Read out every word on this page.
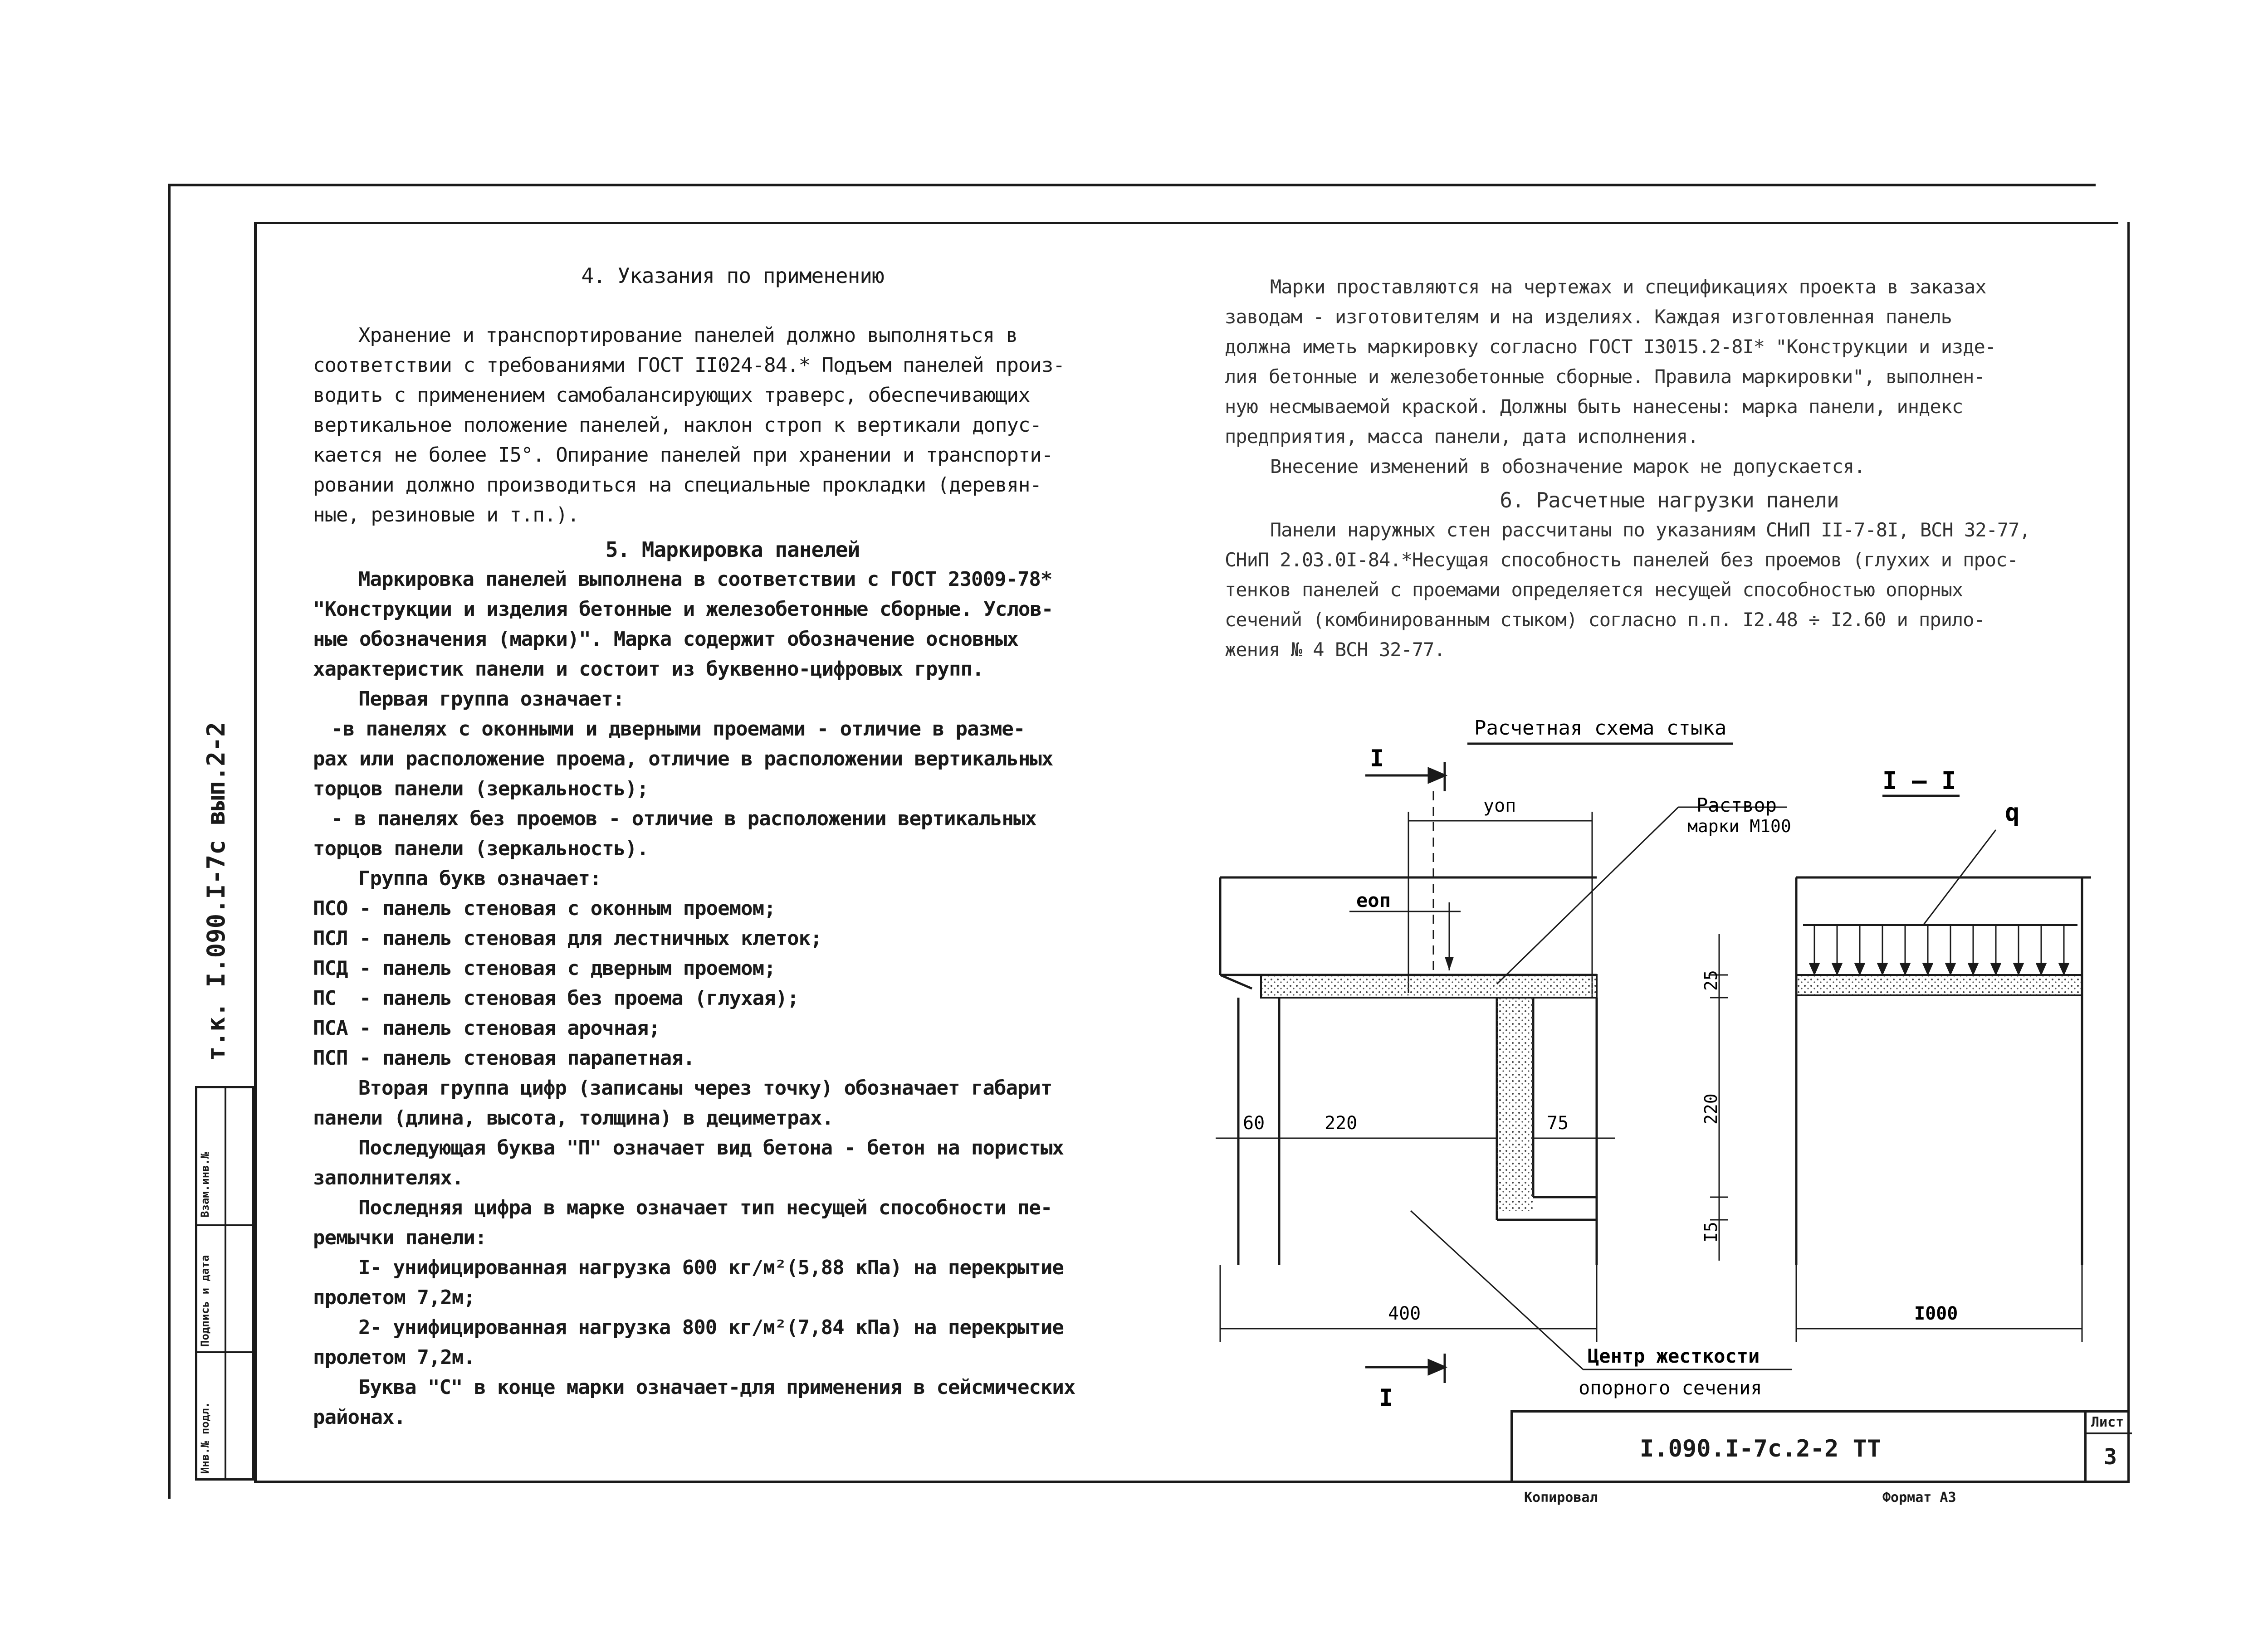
т.к. I.090.I-7с вып.2-2
Инв.№ подл.
Подпись и дата
Взам.инв.№
4. Указания по применению
Хранение и транспортирование панелей должно выполняться в
соответствии с требованиями ГОСТ II024-84.* Подъем панелей произ-
водить с применением самобалансирующих траверс, обеспечивающих
вертикальное положение панелей, наклон строп к вертикали допус-
кается не более I5°. Опирание панелей при хранении и транспорти-
ровании должно производиться на специальные прокладки (деревян-
ные, резиновые и т.п.).
5. Маркировка панелей
Маркировка панелей выполнена в соответствии с ГОСТ 23009-78*
"Конструкции и изделия бетонные и железобетонные сборные. Услов-
ные обозначения (марки)". Марка содержит обозначение основных
характеристик панели и состоит из буквенно-цифровых групп.
Первая группа означает:
-в панелях с оконными и дверными проемами - отличие в разме-
рах или расположение проема, отличие в расположении вертикальных
торцов панели (зеркальность);
- в панелях без проемов - отличие в расположении вертикальных
торцов панели (зеркальность).
Группа букв означает:
ПСО - панель стеновая с оконным проемом;
ПСЛ - панель стеновая для лестничных клеток;
ПСД - панель стеновая с дверным проемом;
ПС  - панель стеновая без проема (глухая);
ПСА - панель стеновая арочная;
ПСП - панель стеновая парапетная.
Вторая группа цифр (записаны через точку) обозначает габарит
панели (длина, высота, толщина) в дециметрах.
Последующая буква "П" означает вид бетона - бетон на пористых
заполнителях.
Последняя цифра в марке означает тип несущей способности пе-
ремычки панели:
I- унифицированная нагрузка 600 кг/м²(5,88 кПа) на перекрытие
пролетом 7,2м;
2- унифицированная нагрузка 800 кг/м²(7,84 кПа) на перекрытие
пролетом 7,2м.
Буква "С" в конце марки означает-для применения в сейсмических
районах.
Марки проставляются на чертежах и спецификациях проекта в заказах
заводам - изготовителям и на изделиях. Каждая изготовленная панель
должна иметь маркировку согласно ГОСТ I3015.2-8I* "Конструкции и изде-
лия бетонные и железобетонные сборные. Правила маркировки", выполнен-
ную несмываемой краской. Должны быть нанесены: марка панели, индекс
предприятия, масса панели, дата исполнения.
Внесение изменений в обозначение марок не допускается.
6. Расчетные нагрузки панели
Панели наружных стен рассчитаны по указаниям СНиП II-7-8I, ВСН 32-77,
СНиП 2.03.0I-84.*Несущая способность панелей без проемов (глухих и прос-
тенков панелей с проемами определяется несущей способностью опорных
сечений (комбинированным стыком) согласно п.п. I2.48 ÷ I2.60 и прило-
жения № 4 ВСН 32-77.
Расчетная схема стыка
I
I
I — I
Раствор
марки М100
Центр жесткости
опорного сечения
q
yоп
eоп
60	220	75
25
220
I5
400	I000
I.090.I-7с.2-2 ТТ
Лист
3
Копировал	Формат А3
